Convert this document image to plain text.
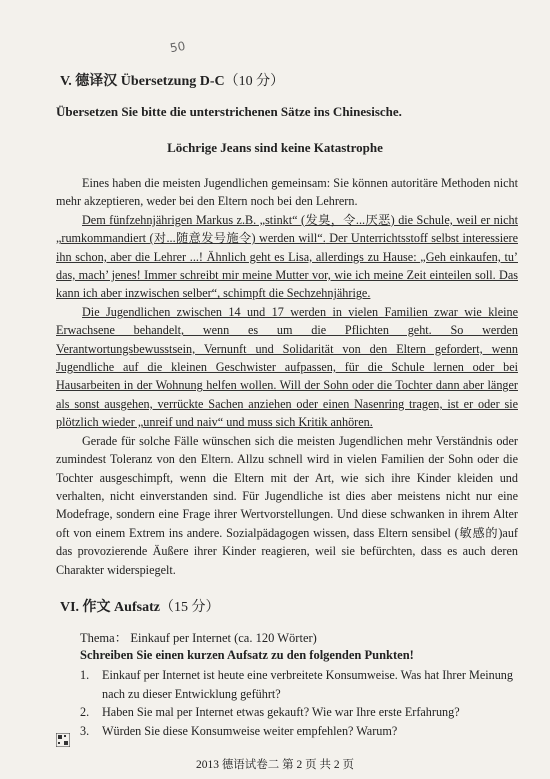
50
V. 德译汉 Übersetzung D-C（10 分）
Übersetzen Sie bitte die unterstrichenen Sätze ins Chinesische.
Löchrige Jeans sind keine Katastrophe

Eines haben die meisten Jugendlichen gemeinsam: Sie können autoritäre Methoden nicht mehr akzeptieren, weder bei den Eltern noch bei den Lehrern.

Dem fünfzehnjährigen Markus z.B. „stinkt“ (发臭，令...厌恶) die Schule, weil er nicht „rumkommandiert (对...随意发号施令) werden will“. Der Unterrichtsstoff selbst interessiere ihn schon, aber die Lehrer ...! Ähnlich geht es Lisa, allerdings zu Hause: „Geh einkaufen, tu’ das, mach’ jenes! Immer schreibt mir meine Mutter vor, wie ich meine Zeit einteilen soll. Das kann ich aber inzwischen selber“, schimpft die Sechzehnjährige.

Die Jugendlichen zwischen 14 und 17 werden in vielen Familien zwar wie kleine Erwachsene behandelt, wenn es um die Pflichten geht. So werden Verantwortungsbewusstsein, Vernunft und Solidarität von den Eltern gefordert, wenn Jugendliche auf die kleinen Geschwister aufpassen, für die Schule lernen oder bei Hausarbeiten in der Wohnung helfen wollen. Will der Sohn oder die Tochter dann aber länger als sonst ausgehen, verrückte Sachen anziehen oder einen Nasenring tragen, ist er oder sie plötzlich wieder „unreif und naiv“ und muss sich Kritik anhören.

Gerade für solche Fälle wünschen sich die meisten Jugendlichen mehr Verständnis oder zumindest Toleranz von den Eltern. Allzu schnell wird in vielen Familien der Sohn oder die Tochter ausgeschimpft, wenn die Eltern mit der Art, wie sich ihre Kinder kleiden und verhalten, nicht einverstanden sind. Für Jugendliche ist dies aber meistens nicht nur eine Modefrage, sondern eine Frage ihrer Wertvorstellungen. Und diese schwanken in ihrem Alter oft von einem Extrem ins andere. Sozialpädagogen wissen, dass Eltern sensibel (敏感的)auf das provozierende Äußere ihrer Kinder reagieren, weil sie befürchten, dass es auch deren Charakter widerspiegelt.

VI. 作文 Aufsatz（15 分）
Thema： Einkauf per Internet (ca. 120 Wörter)
Schreiben Sie einen kurzen Aufsatz zu den folgenden Punkten!
1. Einkauf per Internet ist heute eine verbreitete Konsumweise. Was hat Ihrer Meinung nach zu dieser Entwicklung geführt?
2. Haben Sie mal per Internet etwas gekauft? Wie war Ihre erste Erfahrung?
3. Würden Sie diese Konsumweise weiter empfehlen? Warum?
2013 德语试卷二 第 2 页 共 2 页
